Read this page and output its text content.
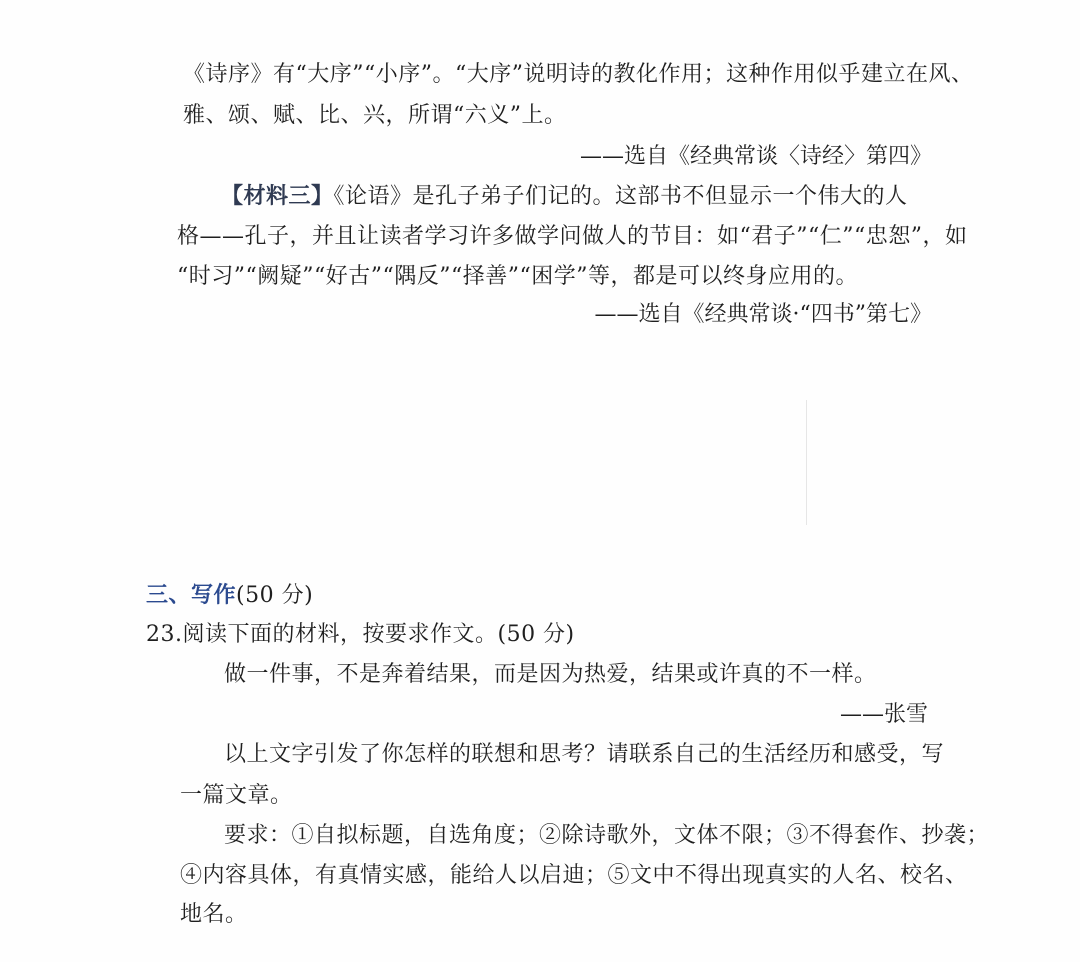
《诗序》有“大序”“小序”。“大序”说明诗的教化作用；这种作用似乎建立在风、
雅、颂、赋、比、兴，所谓“六义”上。
——选自《经典常谈〈诗经〉第四》
【材料三】《论语》是孔子弟子们记的。这部书不但显示一个伟大的人
格——孔子，并且让读者学习许多做学问做人的节目：如“君子”“仁”“忠恕”，如
“时习”“阙疑”“好古”“隅反”“择善”“困学”等，都是可以终身应用的。
——选自《经典常谈·“四书”第七》
三、写作(50 分)
23.阅读下面的材料，按要求作文。(50 分)
做一件事，不是奔着结果，而是因为热爱，结果或许真的不一样。
——张雪
以上文字引发了你怎样的联想和思考？请联系自己的生活经历和感受，写
一篇文章。
要求：①自拟标题，自选角度；②除诗歌外，文体不限；③不得套作、抄袭；
④内容具体，有真情实感，能给人以启迪；⑤文中不得出现真实的人名、校名、
地名。
